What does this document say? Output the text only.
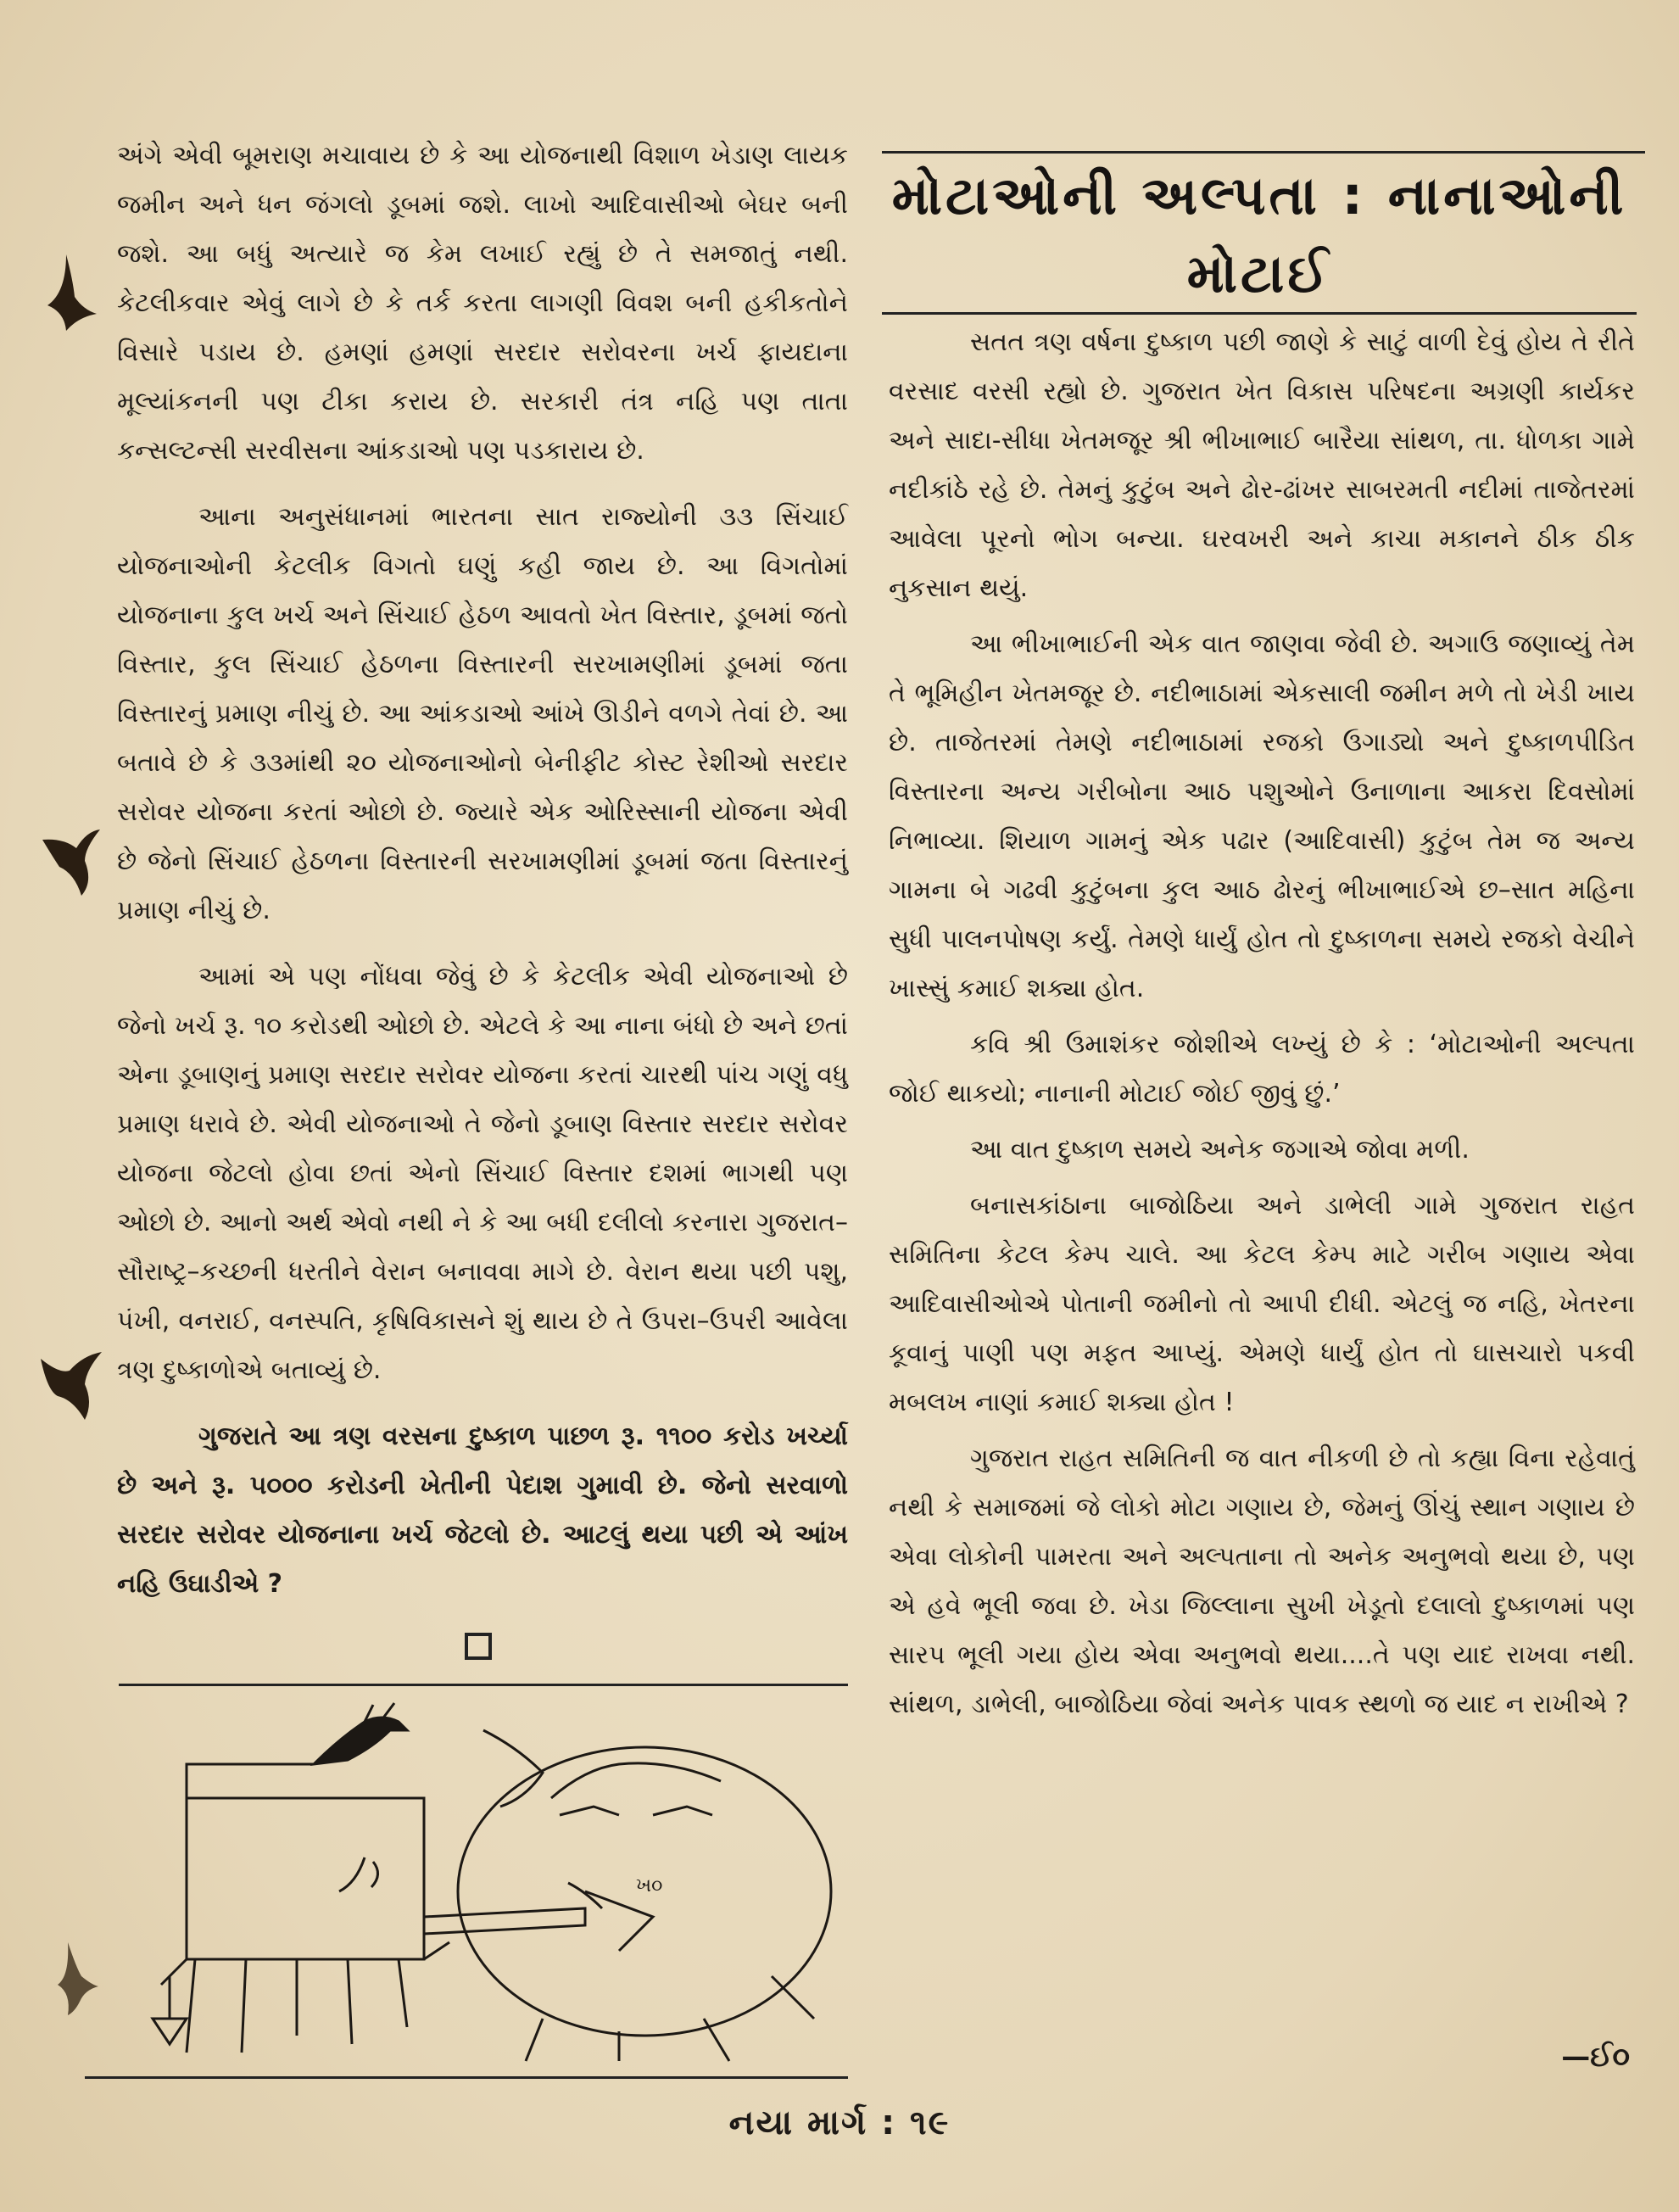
અંગે એવી બૂમરાણ મચાવાય છે કે આ યોજનાથી વિશાળ ખેડાણ લાયક જમીન અને ધન જંગલો ડૂબમાં જશે. લાખો આદિવાસીઓ બેઘર બની જશે. આ બધું અત્યારે જ કેમ લખાઈ રહ્યું છે તે સમજાતું નથી. કેટલીકવાર એવું લાગે છે કે તર્ક કરતા લાગણી વિવશ બની હકીકતોને વિસારે પડાય છે. હમણાં હમણાં સરદાર સરોવરના ખર્ચ ફાયદાના મૂલ્યાંકનની પણ ટીકા કરાય છે. સરકારી તંત્ર નહિ પણ તાતા કન્સલ્ટન્સી સરવીસના આંકડાઓ પણ પડકારાય છે.

આના અનુસંધાનમાં ભારતના સાત રાજ્યોની ૩૩ સિંચાઈ યોજનાઓની કેટલીક વિગતો ઘણું કહી જાય છે. આ વિગતોમાં યોજનાના કુલ ખર્ચ અને સિંચાઈ હેઠળ આવતો ખેત વિસ્તાર, ડૂબમાં જતો વિસ્તાર, કુલ સિંચાઈ હેઠળના વિસ્તારની સરખામણીમાં ડૂબમાં જતા વિસ્તારનું પ્રમાણ નીચું છે. આ આંકડાઓ આંખે ઊડીને વળગે તેવાં છે. આ બતાવે છે કે ૩૩માંથી ૨૦ યોજનાઓનો બેનીફીટ કોસ્ટ રેશીઓ સરદાર સરોવર યોજના કરતાં ઓછો છે. જ્યારે એક ઓરિસ્સાની યોજના એવી છે જેનો સિંચાઈ હેઠળના વિસ્તારની સરખામણીમાં ડૂબમાં જતા વિસ્તારનું પ્રમાણ નીચું છે.

આમાં એ પણ નોંધવા જેવું છે કે કેટલીક એવી યોજનાઓ છે જેનો ખર્ચ રૂ. ૧૦ કરોડથી ઓછો છે. એટલે કે આ નાના બંધો છે અને છતાં એના ડૂબાણનું પ્રમાણ સરદાર સરોવર યોજના કરતાં ચારથી પાંચ ગણું વધુ પ્રમાણ ધરાવે છે. એવી યોજનાઓ તે જેનો ડૂબાણ વિસ્તાર સરદાર સરોવર યોજના જેટલો હોવા છતાં એનો સિંચાઈ વિસ્તાર દશમાં ભાગથી પણ ઓછો છે. આનો અર્થ એવો નથી ને કે આ બધી દલીલો કરનારા ગુજરાત–સૌરાષ્ટ્ર–કચ્છની ધરતીને વેરાન બનાવવા માગે છે. વેરાન થયા પછી પશુ, પંખી, વનરાઈ, વનસ્પતિ, કૃષિવિકાસને શું થાય છે તે ઉપરા–ઉપરી આવેલા ત્રણ દુષ્કાળોએ બતાવ્યું છે.

ગુજરાતે આ ત્રણ વરસના દુષ્કાળ પાછળ રૂ. ૧૧૦૦ કરોડ ખર્ચ્યા છે અને રૂ. ૫૦૦૦ કરોડની ખેતીની પેદાશ ગુમાવી છે. જેનો સરવાળો સરદાર સરોવર યોજનાના ખર્ચ જેટલો છે. આટલું થયા પછી એ આંખ નહિ ઉઘાડીએ ?

ખ૦
મોટાઓની અલ્પતા : નાનાઓની મોટાઈ

સતત ત્રણ વર્ષના દુષ્કાળ પછી જાણે કે સાટું વાળી દેવું હોય તે રીતે વરસાદ વરસી રહ્યો છે. ગુજરાત ખેત વિકાસ પરિષદના અગ્રણી કાર્યકર અને સાદા-સીધા ખેતમજૂર શ્રી ભીખાભાઈ બારૈયા સાંથળ, તા. ધોળકા ગામે નદીકાંઠે રહે છે. તેમનું કુટુંબ અને ઢોર-ઢાંખર સાબરમતી નદીમાં તાજેતરમાં આવેલા પૂરનો ભોગ બન્યા. ઘરવખરી અને કાચા મકાનને ઠીક ઠીક નુકસાન થયું.

આ ભીખાભાઈની એક વાત જાણવા જેવી છે. અગાઉ જણાવ્યું તેમ તે ભૂમિહીન ખેતમજૂર છે. નદીભાઠામાં એકસાલી જમીન મળે તો ખેડી ખાય છે. તાજેતરમાં તેમણે નદીભાઠામાં રજકો ઉગાડ્યો અને દુષ્કાળપીડિત વિસ્તારના અન્ય ગરીબોના આઠ પશુઓને ઉનાળાના આકરા દિવસોમાં નિભાવ્યા. શિયાળ ગામનું એક પઢાર (આદિવાસી) કુટુંબ તેમ જ અન્ય ગામના બે ગઢવી કુટુંબના કુલ આઠ ઢોરનું ભીખાભાઈએ છ–સાત મહિના સુધી પાલનપોષણ કર્યું. તેમણે ધાર્યું હોત તો દુષ્કાળના સમયે રજકો વેચીને ખાસ્સું કમાઈ શક્યા હોત.

કવિ શ્રી ઉમાશંકર જોશીએ લખ્યું છે કે : ‘મોટાઓની અલ્પતા જોઈ થાકયો; નાનાની મોટાઈ જોઈ જીવું છું.’

આ વાત દુષ્કાળ સમયે અનેક જગાએ જોવા મળી.

બનાસકાંઠાના બાજોઠિયા અને ડાભેલી ગામે ગુજરાત રાહત સમિતિના કેટલ કેમ્પ ચાલે. આ કેટલ કેમ્પ માટે ગરીબ ગણાય એવા આદિવાસીઓએ પોતાની જમીનો તો આપી દીધી. એટલું જ નહિ, ખેતરના કૂવાનું પાણી પણ મફત આપ્યું. એમણે ધાર્યું હોત તો ઘાસચારો પકવી મબલખ નાણાં કમાઈ શક્યા હોત !

ગુજરાત રાહત સમિતિની જ વાત નીકળી છે તો કહ્યા વિના રહેવાતું નથી કે સમાજમાં જે લોકો મોટા ગણાય છે, જેમનું ઊંચું સ્થાન ગણાય છે એવા લોકોની પામરતા અને અલ્પતાના તો અનેક અનુભવો થયા છે, પણ એ હવે ભૂલી જવા છે. ખેડા જિલ્લાના સુખી ખેડૂતો દલાલો દુષ્કાળમાં પણ સારપ ભૂલી ગયા હોય એવા અનુભવો થયા....તે પણ યાદ રાખવા નથી. સાંથળ, ડાભેલી, બાજોઠિયા જેવાં અનેક પાવક સ્થળો જ યાદ ન રાખીએ ?

—ઈ૦
નયા માર્ગ : ૧૯
